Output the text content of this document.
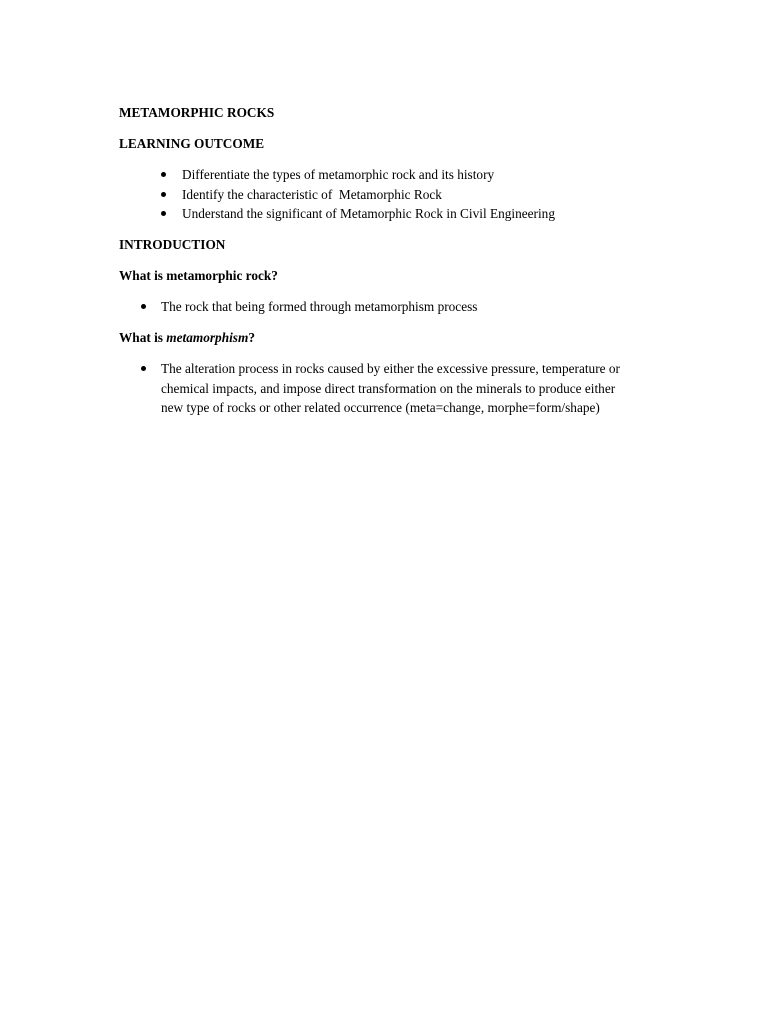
METAMORPHIC ROCKS

LEARNING OUTCOME

Differentiate the types of metamorphic rock and its history
Identify the characteristic of  Metamorphic Rock
Understand the significant of Metamorphic Rock in Civil Engineering

INTRODUCTION

What is metamorphic rock?

The rock that being formed through metamorphism process

What is metamorphism?

The alteration process in rocks caused by either the excessive pressure, temperature or
chemical impacts, and impose direct transformation on the minerals to produce either
new type of rocks or other related occurrence (meta=change, morphe=form/shape)
